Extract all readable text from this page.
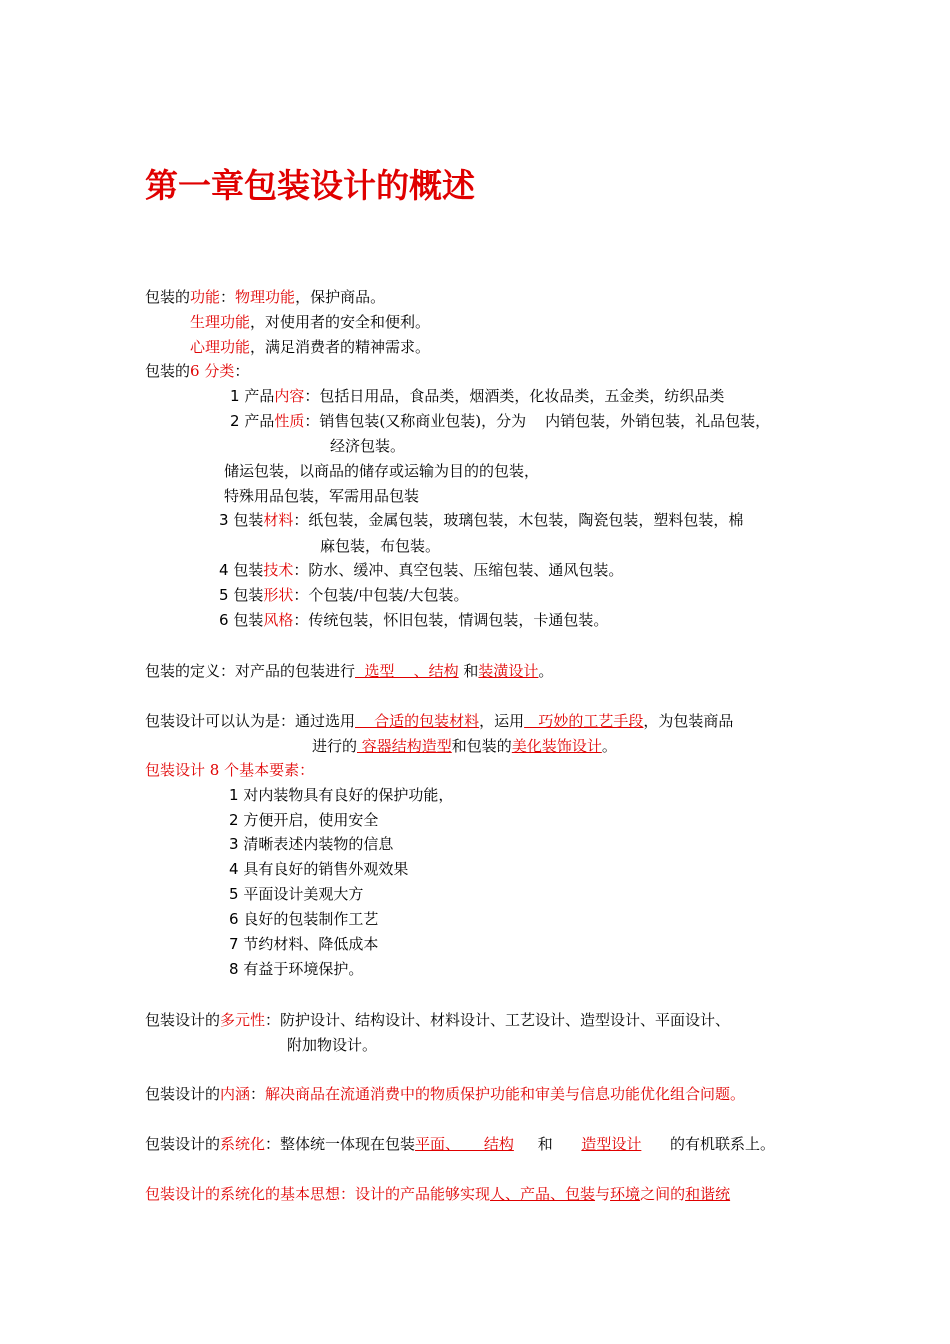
第一章包装设计的概述
包装的功能：物理功能，保护商品。
生理功能，对使用者的安全和便利。
心理功能，满足消费者的精神需求。
包装的6 分类：
1 产品内容：包括日用品，食品类，烟酒类，化妆品类，五金类，纺织品类
2 产品性质：销售包装(又称商业包装)，分为    内销包装，外销包装，礼品包装，
经济包装。
储运包装，以商品的储存或运输为目的的包装，
特殊用品包装，军需用品包装
3 包装材料：纸包装，金属包装，玻璃包装，木包装，陶瓷包装，塑料包装，棉
麻包装，布包装。
4 包装技术：防水、缓冲、真空包装、压缩包装、通风包装。
5 包装形状：个包装/中包装/大包装。
6 包装风格：传统包装，怀旧包装，情调包装，卡通包装。
包装的定义：对产品的包装进行  选型    、结构 和装潢设计。
包装设计可以认为是：通过选用    合适的包装材料，运用   巧妙的工艺手段，为包装商品
进行的 容器结构造型和包装的美化装饰设计。
包装设计 8 个基本要素：
1 对内装物具有良好的保护功能，
2 方便开启，使用安全
3 清晰表述内装物的信息
4 具有良好的销售外观效果
5 平面设计美观大方
6 良好的包装制作工艺
7 节约材料、降低成本
8 有益于环境保护。
包装设计的多元性：防护设计、结构设计、材料设计、工艺设计、造型设计、平面设计、
附加物设计。
包装设计的内涵：解决商品在流通消费中的物质保护功能和审美与信息功能优化组合问题。
包装设计的系统化：整体统一体现在包装平面、     结构     和      造型设计      的有机联系上。
包装设计的系统化的基本思想：设计的产品能够实现人、产品、包装与环境之间的和谐统
